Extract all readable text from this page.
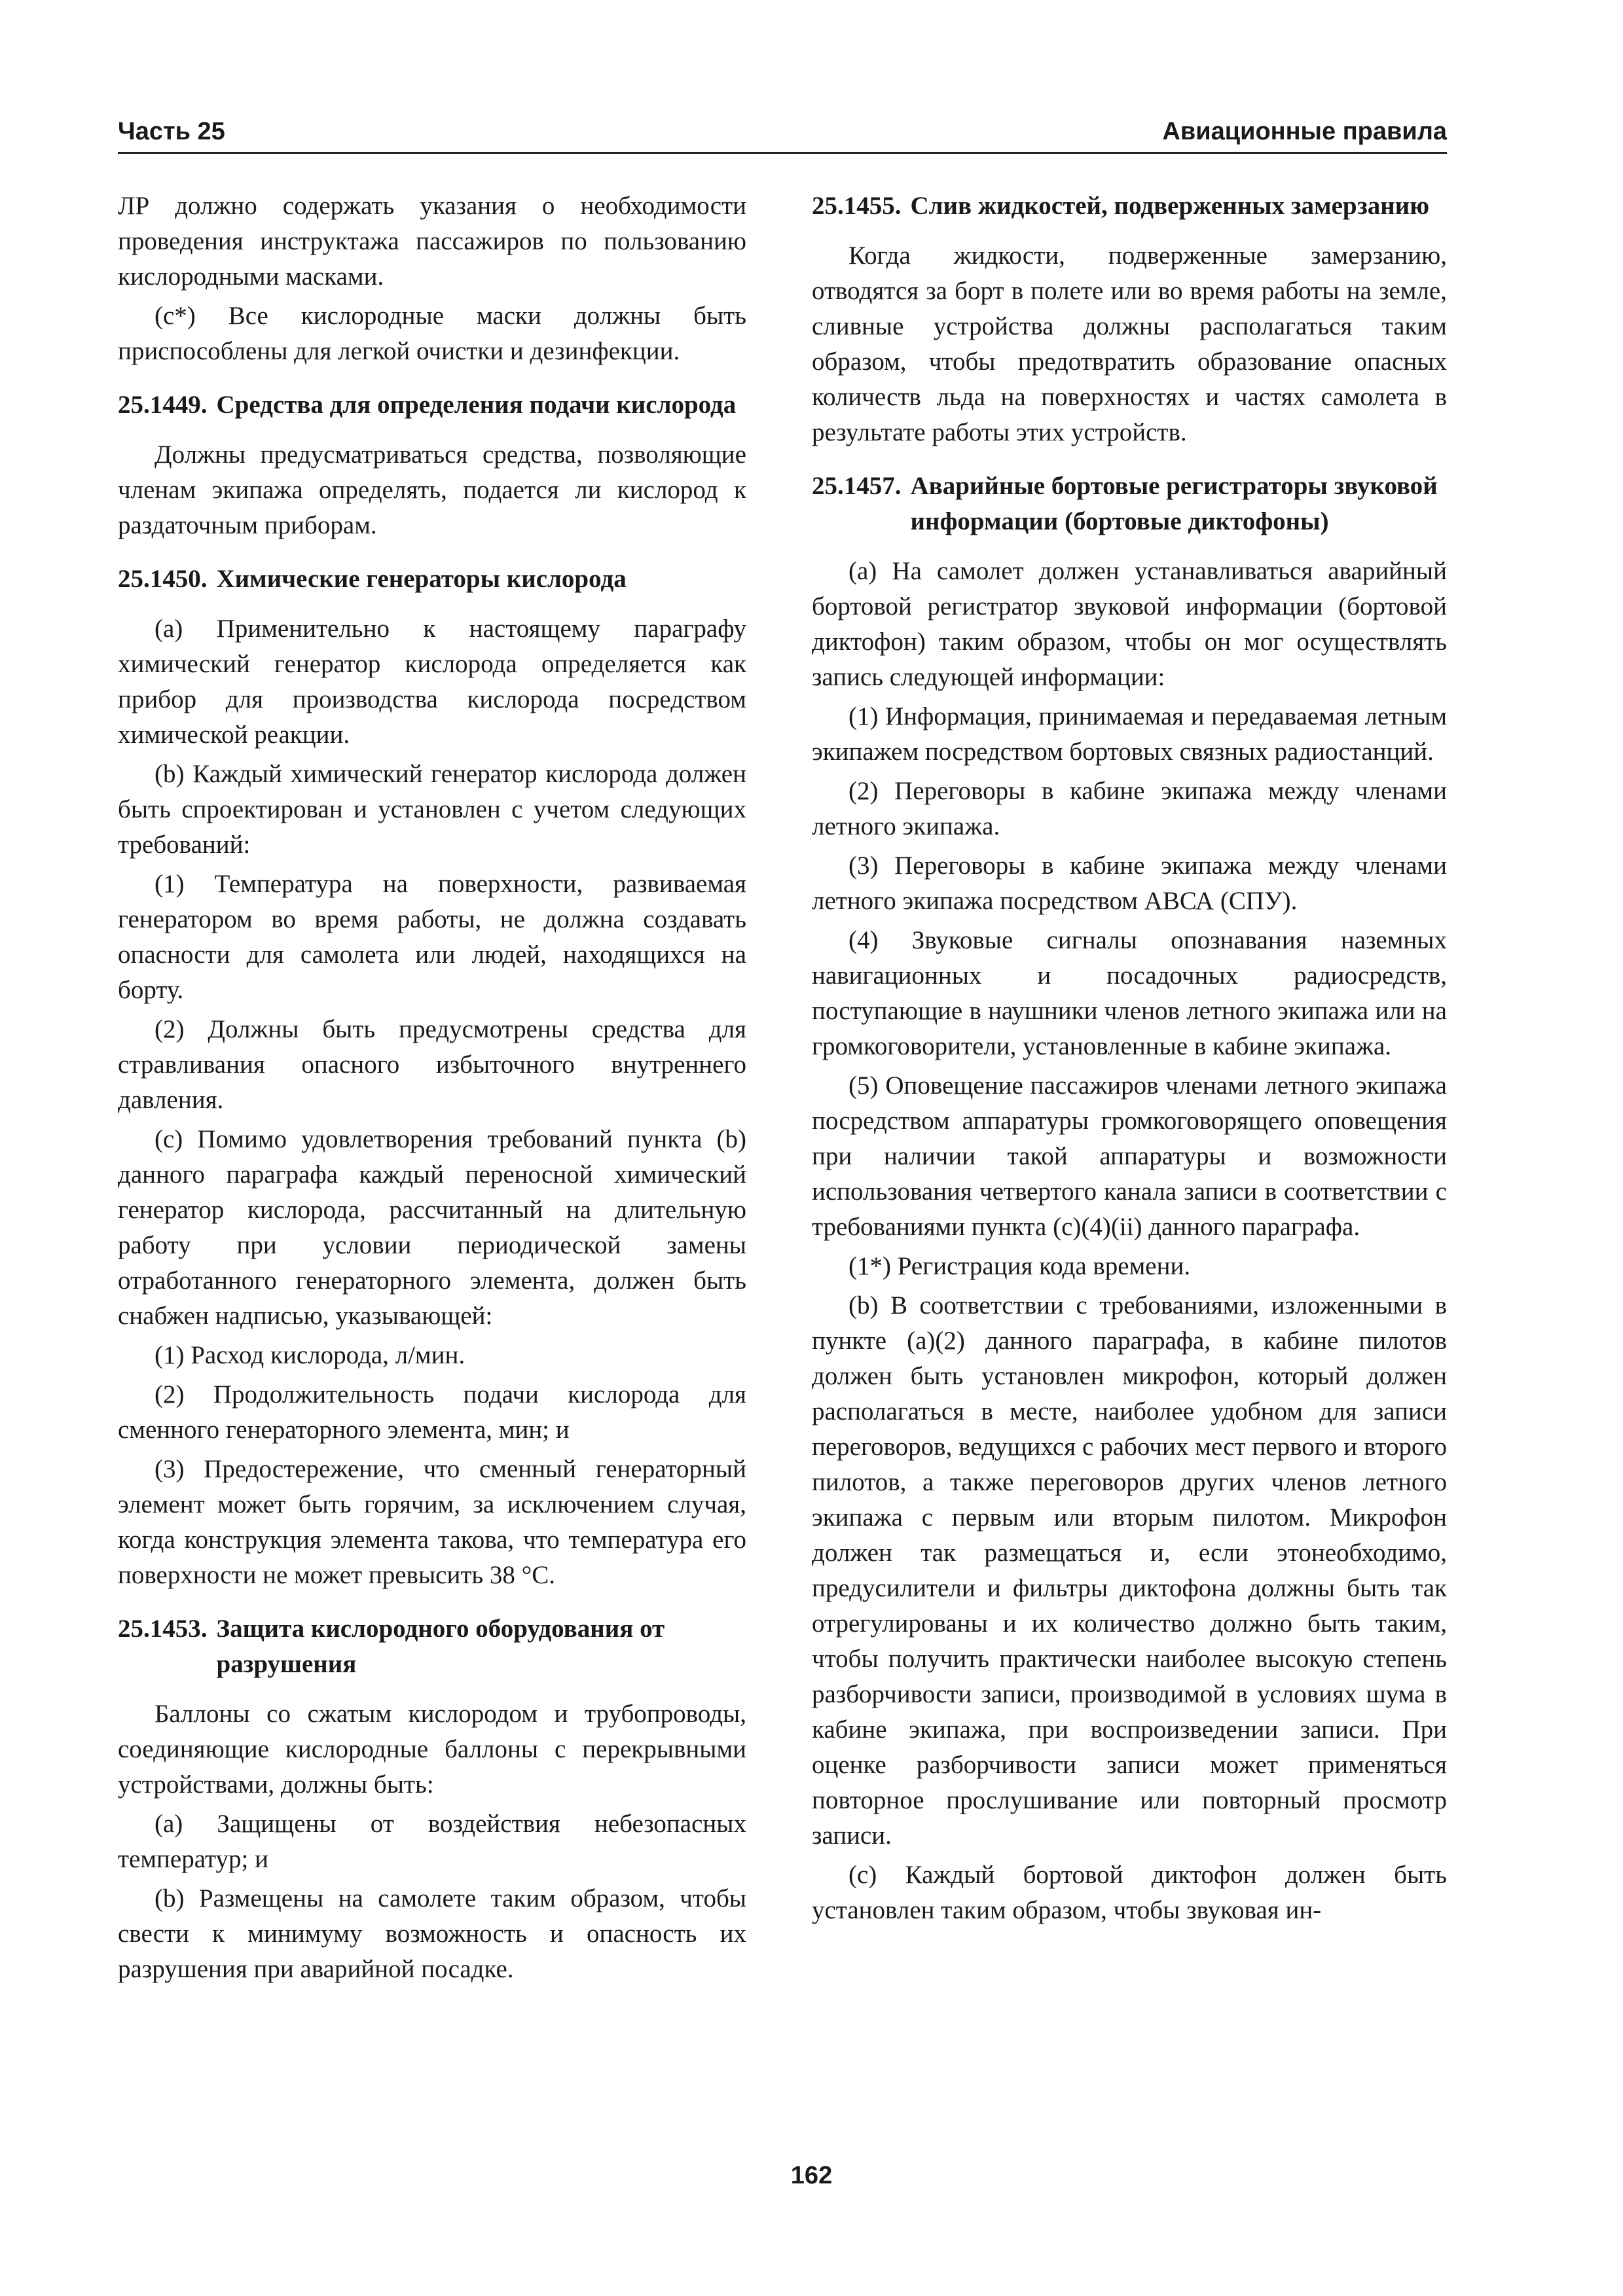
Часть 25	Авиационные правила

ЛР должно содержать указания о необходимости проведения инструктажа пассажиров по пользованию кислородными масками.

(c*) Все кислородные маски должны быть приспособлены для легкой очистки и дезинфекции.

25.1449. Средства для определения подачи кислорода

Должны предусматриваться средства, позволяющие членам экипажа определять, подается ли кислород к раздаточным приборам.

25.1450. Химические генераторы кислорода

(a) Применительно к настоящему параграфу химический генератор кислорода определяется как прибор для производства кислорода посредством химической реакции.

(b) Каждый химический генератор кислорода должен быть спроектирован и установлен с учетом следующих требований:

(1) Температура на поверхности, развиваемая генератором во время работы, не должна создавать опасности для самолета или людей, находящихся на борту.

(2) Должны быть предусмотрены средства для стравливания опасного избыточного внутреннего давления.

(c) Помимо удовлетворения требований пункта (b) данного параграфа каждый переносной химический генератор кислорода, рассчитанный на длительную работу при условии периодической замены отработанного генераторного элемента, должен быть снабжен надписью, указывающей:

(1) Расход кислорода, л/мин.

(2) Продолжительность подачи кислорода для сменного генераторного элемента, мин; и

(3) Предостережение, что сменный генераторный элемент может быть горячим, за исключением случая, когда конструкция элемента такова, что температура его поверхности не может превысить 38 °C.

25.1453. Защита кислородного оборудования от разрушения

Баллоны со сжатым кислородом и трубопроводы, соединяющие кислородные баллоны с перекрывными устройствами, должны быть:

(a) Защищены от воздействия небезопасных температур; и

(b) Размещены на самолете таким образом, чтобы свести к минимуму возможность и опасность их разрушения при аварийной посадке.

25.1455. Слив жидкостей, подверженных замерзанию

Когда жидкости, подверженные замерзанию, отводятся за борт в полете или во время работы на земле, сливные устройства должны располагаться таким образом, чтобы предотвратить образование опасных количеств льда на поверхностях и частях самолета в результате работы этих устройств.

25.1457. Аварийные бортовые регистраторы звуковой информации (бортовые диктофоны)

(a) На самолет должен устанавливаться аварийный бортовой регистратор звуковой информации (бортовой диктофон) таким образом, чтобы он мог осуществлять запись следующей информации:

(1) Информация, принимаемая и передаваемая летным экипажем посредством бортовых связных радиостанций.

(2) Переговоры в кабине экипажа между членами летного экипажа.

(3) Переговоры в кабине экипажа между членами летного экипажа посредством АВСА (СПУ).

(4) Звуковые сигналы опознавания наземных навигационных и посадочных радиосредств, поступающие в наушники членов летного экипажа или на громкоговорители, установленные в кабине экипажа.

(5) Оповещение пассажиров членами летного экипажа посредством аппаратуры громкоговорящего оповещения при наличии такой аппаратуры и возможности использования четвертого канала записи в соответствии с требованиями пункта (c)(4)(ii) данного параграфа.

(1*) Регистрация кода времени.

(b) В соответствии с требованиями, изложенными в пункте (a)(2) данного параграфа, в кабине пилотов должен быть установлен микрофон, который должен располагаться в месте, наиболее удобном для записи переговоров, ведущихся с рабочих мест первого и второго пилотов, а также переговоров других членов летного экипажа с первым или вторым пилотом. Микрофон должен так размещаться и, если этонеобходимо, предусилители и фильтры диктофона должны быть так отрегулированы и их количество должно быть таким, чтобы получить практически наиболее высокую степень разборчивости записи, производимой в условиях шума в кабине экипажа, при воспроизведении записи. При оценке разборчивости записи может применяться повторное прослушивание или повторный просмотр записи.

(c) Каждый бортовой диктофон должен быть установлен таким образом, чтобы звуковая ин-

162
